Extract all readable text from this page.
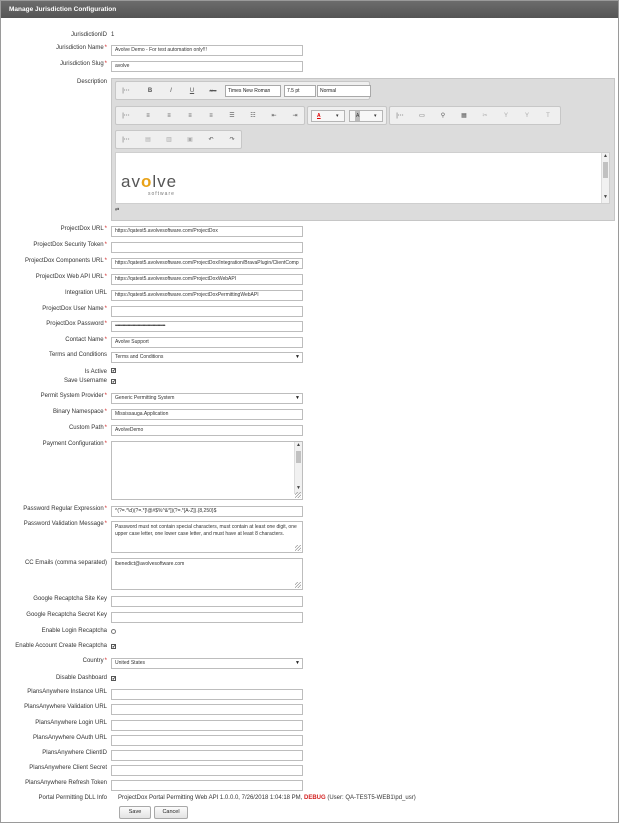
Manage Jurisdiction Configuration
JurisdictionID 1
Jurisdiction Name*	Avolve Demo - For test automation only!!!
Jurisdiction Slug*	avolve
Description
|⋯	B	I	U	Abc	Times New Roman	7.5 pt	Normal
|⋯	≡	≡	≡	≡	☰	☷	⇤	⇥	A	▾	A	▾	|⋯	▭	⚲	▦	✂	Y	Y	T
|⋯	▤	▥	▣	↶	↷
avolve
software
▲
▼
⇄
ProjectDox URL*	https://qatest5.avolvesoftware.com/ProjectDox
ProjectDox Security Token*
ProjectDox Components URL*	https://qatest5.avolvesoftware.com/ProjectDox/Integration/BravaPlugin/ClientComp
ProjectDox Web API URL*	https://qatest5.avolvesoftware.com/ProjectDoxWebAPI
Integration URL	https://qatest5.avolvesoftware.com/ProjectDoxPermittingWebAPI
ProjectDox User Name*
ProjectDox Password*	••••••••••••••••••••••••••••••••••••••••
Contact Name*	Avolve Support
Terms and Conditions	Terms and Conditions	▼
Is Active ✔
Save Username ✔
Permit System Provider*	Generic Permitting System	▼
Binary Namespace*	Mississauga.Application
Custom Path*	AvolveDemo
Payment Configuration*	▲
▼
Password Regular Expression*	^(?=.*\d)(?=.*[!@#$%^&*])(?=.*[A-Z]).{8,250}$
Password Validation Message*	Password must not contain special characters, must contain at least one digit, one upper case letter, one lower case letter, and must have at least 8 characters.
CC Emails (comma separated)	lbenedict@avolvesoftware.com
Google Recaptcha Site Key
Google Recaptcha Secret Key
Enable Login Recaptcha
Enable Account Create Recaptcha ✔
Country*	United States	▼
Disable Dashboard ✔
PlansAnywhere Instance URL
PlansAnywhere Validation URL
PlansAnywhere Login URL
PlansAnywhere OAuth URL
PlansAnywhere ClientID
PlansAnywhere Client Secret
PlansAnywhere Refresh Token
Portal Permitting DLL Info ProjectDox Portal Permitting Web API 1.0.0.0, 7/26/2018 1:04:18 PM, DEBUG (User: QA-TEST5-WEB1\pd_usr)
Save	Cancel
